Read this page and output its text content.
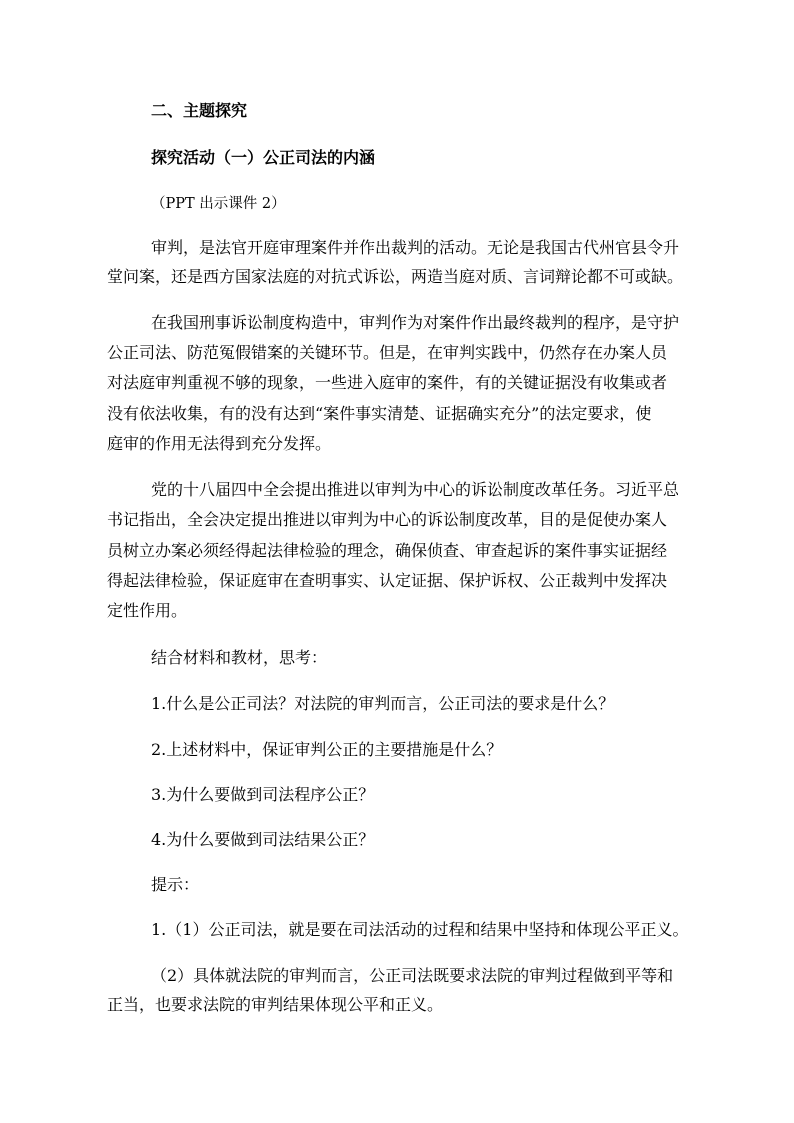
二、主题探究

探究活动（一）公正司法的内涵

（PPT 出示课件 2）

审判，是法官开庭审理案件并作出裁判的活动。无论是我国古代州官县令升

堂问案，还是西方国家法庭的对抗式诉讼，两造当庭对质、言词辩论都不可或缺。

在我国刑事诉讼制度构造中，审判作为对案件作出最终裁判的程序，是守护

公正司法、防范冤假错案的关键环节。但是，在审判实践中，仍然存在办案人员

对法庭审判重视不够的现象，一些进入庭审的案件，有的关键证据没有收集或者

没有依法收集，有的没有达到“案件事实清楚、证据确实充分”的法定要求，使

庭审的作用无法得到充分发挥。

党的十八届四中全会提出推进以审判为中心的诉讼制度改革任务。习近平总

书记指出，全会决定提出推进以审判为中心的诉讼制度改革，目的是促使办案人

员树立办案必须经得起法律检验的理念，确保侦查、审查起诉的案件事实证据经

得起法律检验，保证庭审在查明事实、认定证据、保护诉权、公正裁判中发挥决

定性作用。

结合材料和教材，思考：

1.什么是公正司法？对法院的审判而言，公正司法的要求是什么？

2.上述材料中，保证审判公正的主要措施是什么？

3.为什么要做到司法程序公正？

4.为什么要做到司法结果公正？

提示：

1.（1）公正司法，就是要在司法活动的过程和结果中坚持和体现公平正义。

（2）具体就法院的审判而言，公正司法既要求法院的审判过程做到平等和

正当，也要求法院的审判结果体现公平和正义。
